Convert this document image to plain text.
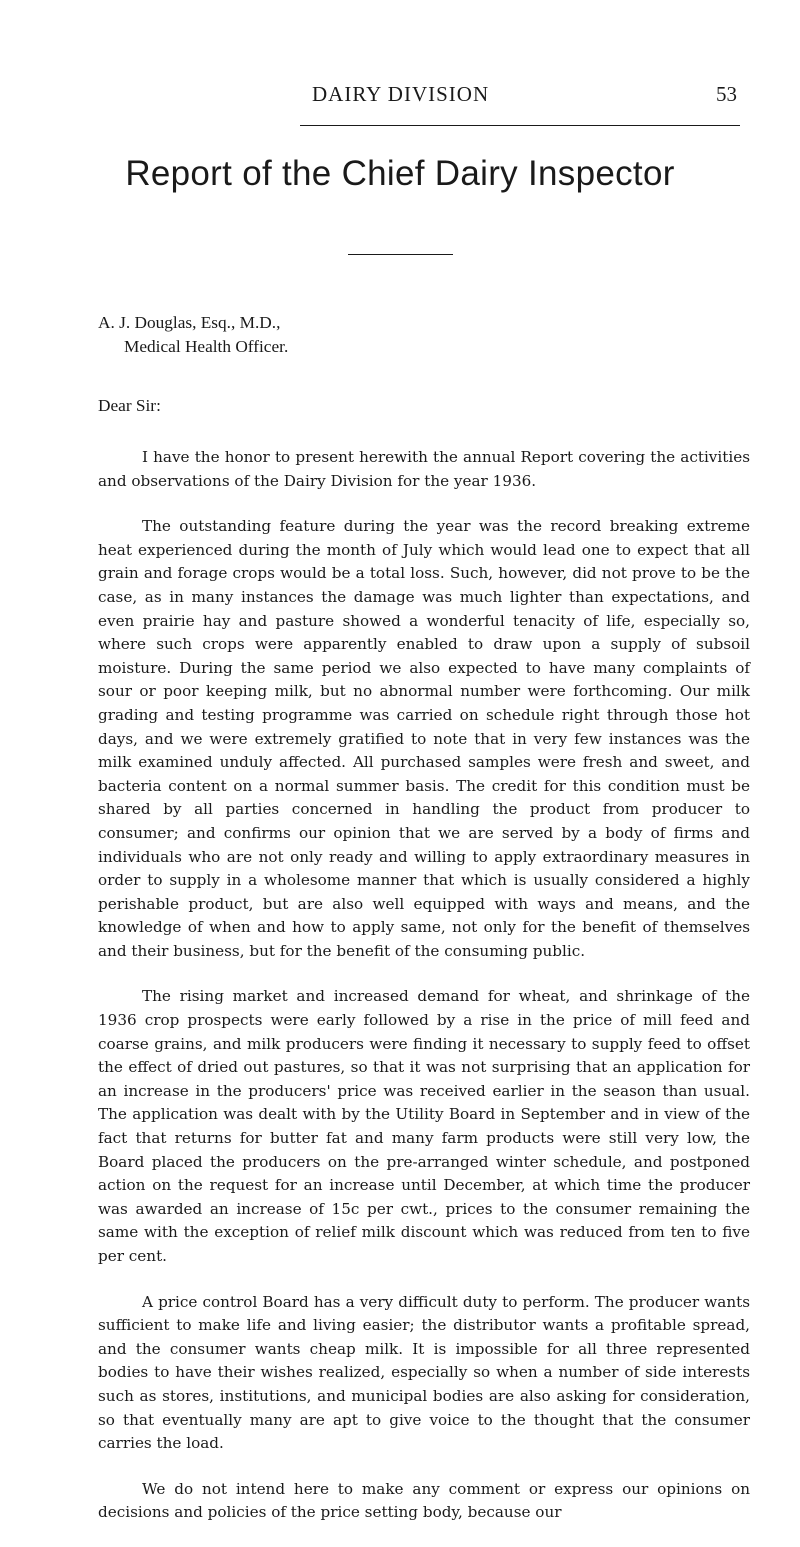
DAIRY DIVISION	53
Report of the Chief Dairy Inspector
A. J. Douglas, Esq., M.D.,
Medical Health Officer.
Dear Sir:

I have the honor to present herewith the annual Report covering the activities and observations of the Dairy Division for the year 1936.

The outstanding feature during the year was the record breaking extreme heat experienced during the month of July which would lead one to expect that all grain and forage crops would be a total loss. Such, however, did not prove to be the case, as in many instances the damage was much lighter than expectations, and even prairie hay and pasture showed a wonderful tenacity of life, especially so, where such crops were apparently enabled to draw upon a supply of subsoil moisture. During the same period we also expected to have many complaints of sour or poor keeping milk, but no abnormal number were forthcoming. Our milk grading and testing programme was carried on schedule right through those hot days, and we were extremely gratified to note that in very few instances was the milk examined unduly affected. All purchased samples were fresh and sweet, and bacteria content on a normal summer basis. The credit for this condition must be shared by all parties concerned in handling the product from producer to consumer; and confirms our opinion that we are served by a body of firms and individuals who are not only ready and willing to apply extraordinary measures in order to supply in a wholesome manner that which is usually considered a highly perishable product, but are also well equipped with ways and means, and the knowledge of when and how to apply same, not only for the benefit of themselves and their business, but for the benefit of the consuming public.

The rising market and increased demand for wheat, and shrinkage of the 1936 crop prospects were early followed by a rise in the price of mill feed and coarse grains, and milk producers were finding it necessary to supply feed to offset the effect of dried out pastures, so that it was not surprising that an application for an increase in the producers' price was received earlier in the season than usual. The application was dealt with by the Utility Board in September and in view of the fact that returns for butter fat and many farm products were still very low, the Board placed the producers on the pre-arranged winter schedule, and postponed action on the request for an increase until December, at which time the producer was awarded an increase of 15c per cwt., prices to the consumer remaining the same with the exception of relief milk discount which was reduced from ten to five per cent.

A price control Board has a very difficult duty to perform. The producer wants sufficient to make life and living easier; the distributor wants a profitable spread, and the consumer wants cheap milk. It is impossible for all three represented bodies to have their wishes realized, especially so when a number of side interests such as stores, institutions, and municipal bodies are also asking for consideration, so that eventually many are apt to give voice to the thought that the consumer carries the load.

We do not intend here to make any comment or express our opinions on decisions and policies of the price setting body, because our
